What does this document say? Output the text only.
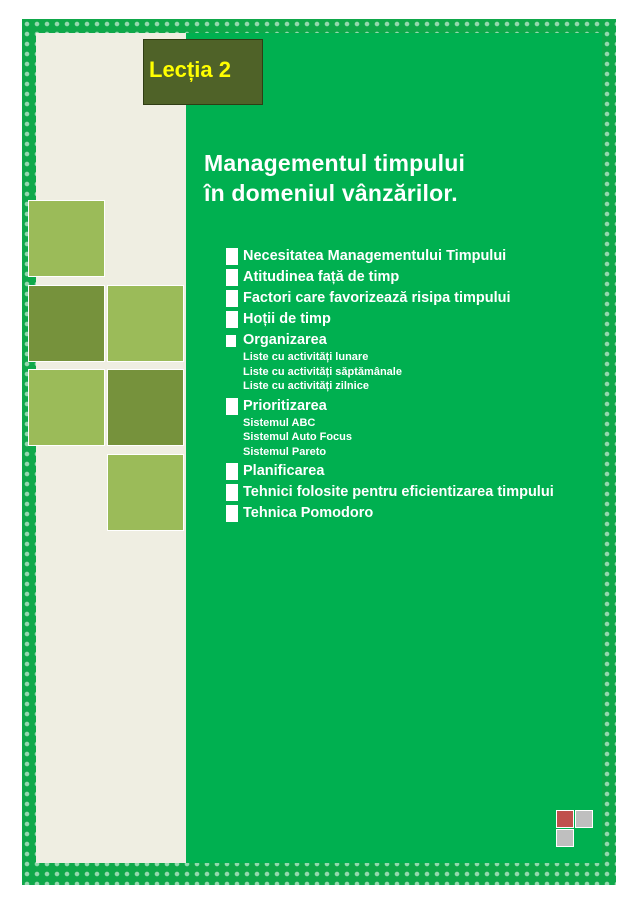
Lecția 2
Managementul timpului
în domeniul vânzărilor.
Necesitatea Managementului Timpului
Atitudinea față de timp
Factori care favorizează risipa timpului
Hoții de timp
Organizarea
Liste cu activități lunare
Liste cu activități săptămânale
Liste cu activități zilnice
Prioritizarea
Sistemul ABC
Sistemul Auto Focus
Sistemul Pareto
Planificarea
Tehnici folosite pentru eficientizarea timpului
Tehnica Pomodoro
